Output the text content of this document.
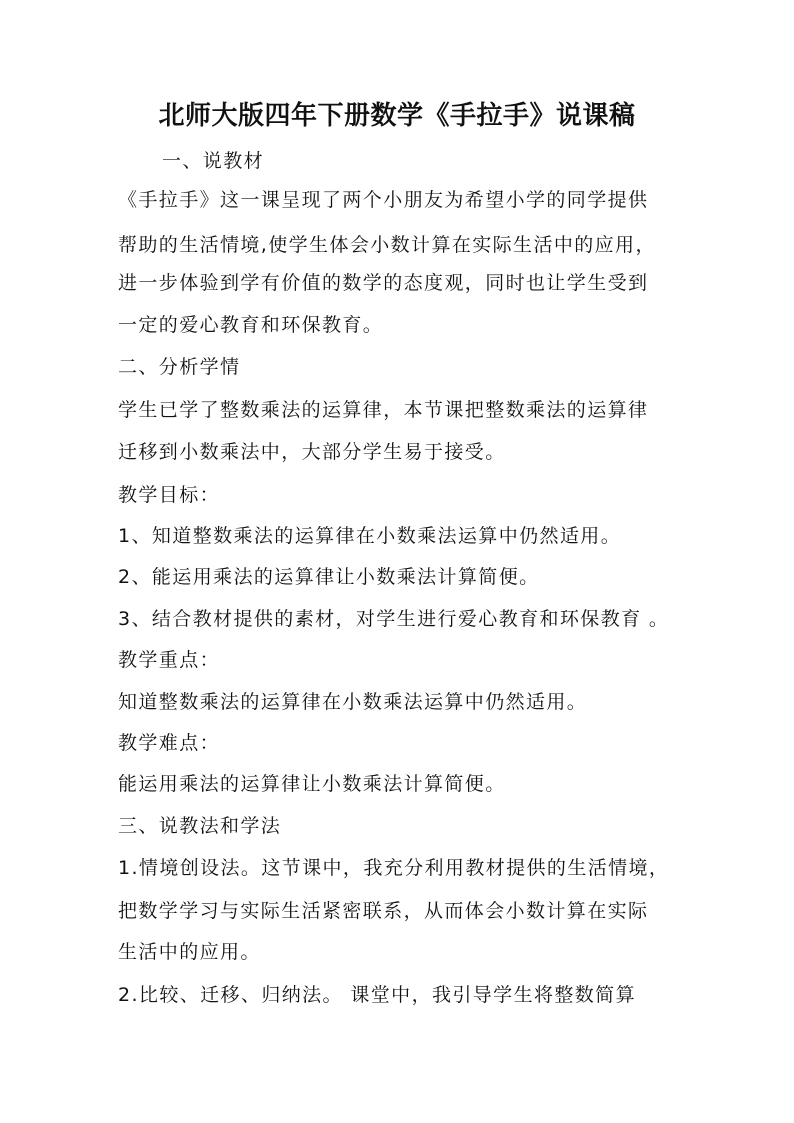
北师大版四年下册数学《手拉手》说课稿
一、说教材
《手拉手》这一课呈现了两个小朋友为希望小学的同学提供
帮助的生活情境,使学生体会小数计算在实际生活中的应用，
进一步体验到学有价值的数学的态度观，同时也让学生受到
一定的爱心教育和环保教育。
二、分析学情
学生已学了整数乘法的运算律，本节课把整数乘法的运算律
迁移到小数乘法中，大部分学生易于接受。
教学目标：
1、知道整数乘法的运算律在小数乘法运算中仍然适用。
2、能运用乘法的运算律让小数乘法计算简便。
3、结合教材提供的素材，对学生进行爱心教育和环保教育 。
教学重点：
知道整数乘法的运算律在小数乘法运算中仍然适用。
教学难点：
能运用乘法的运算律让小数乘法计算简便。
三、说教法和学法
1.情境创设法。这节课中，我充分利用教材提供的生活情境，
把数学学习与实际生活紧密联系，从而体会小数计算在实际
生活中的应用。
2.比较、迁移、归纳法。 课堂中，我引导学生将整数简算
